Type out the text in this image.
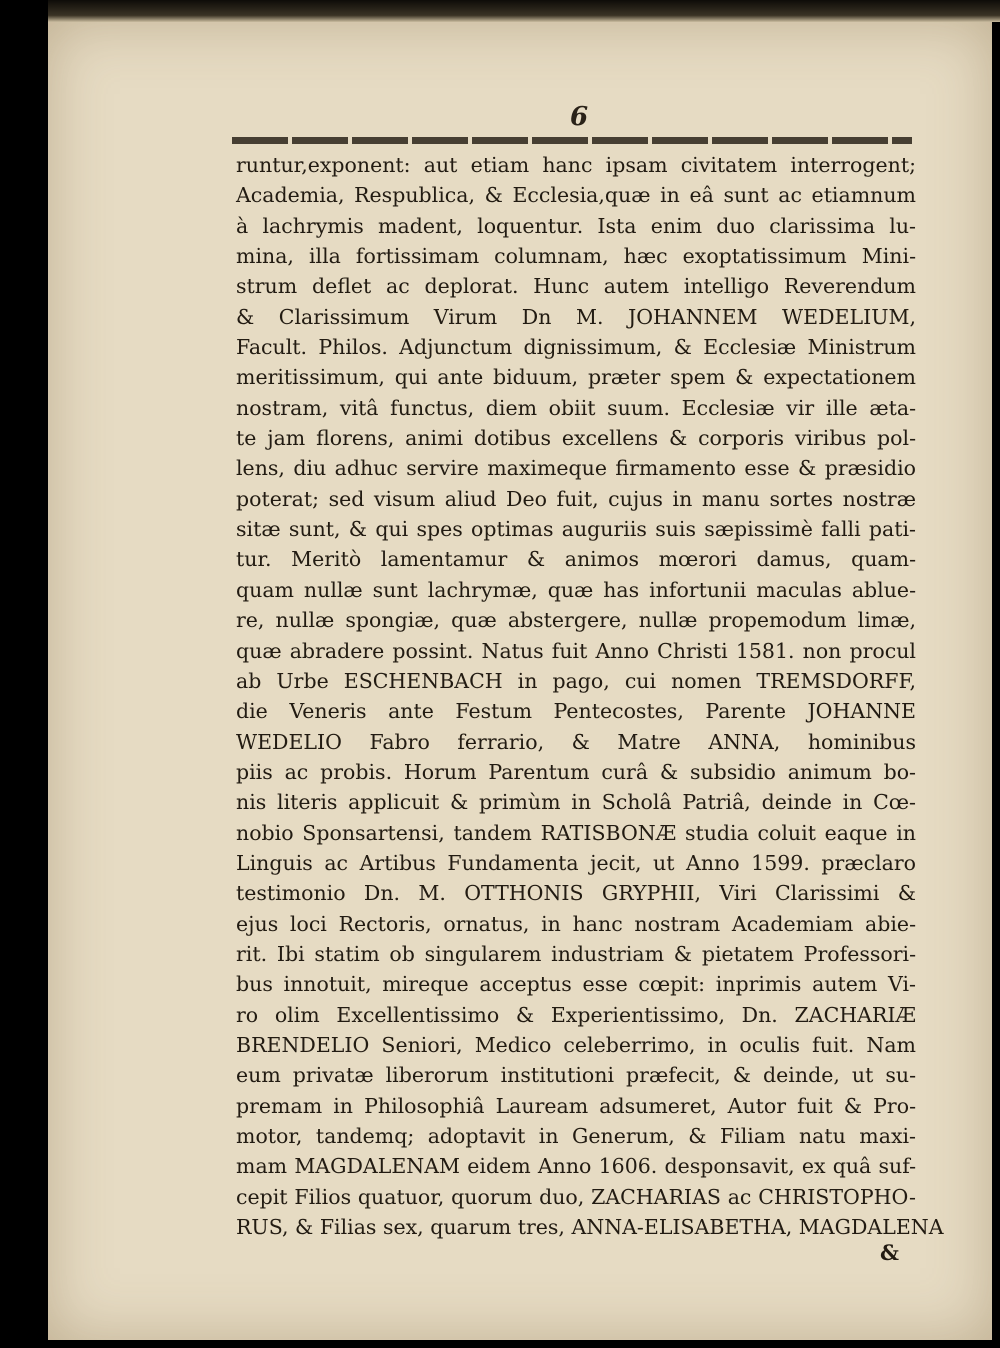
6
runtur,exponent: aut etiam hanc ipsam civitatem interrogent;
Academia, Respublica, & Ecclesia,quæ in eâ sunt ac etiamnum
à lachrymis madent, loquentur. Ista enim duo clarissima lu-
mina, illa fortissimam columnam, hæc exoptatissimum Mini-
strum deflet ac deplorat. Hunc autem intelligo Reverendum
& Clarissimum Virum Dn M. JOHANNEM WEDELIUM,
Facult. Philos. Adjunctum dignissimum, & Ecclesiæ Ministrum
meritissimum, qui ante biduum, præter spem & expectationem
nostram, vitâ functus, diem obiit suum. Ecclesiæ vir ille æta-
te jam florens, animi dotibus excellens & corporis viribus pol-
lens, diu adhuc servire maximeque firmamento esse & præsidio
poterat; sed visum aliud Deo fuit, cujus in manu sortes nostræ
sitæ sunt, & qui spes optimas auguriis suis sæpissimè falli pati-
tur. Meritò lamentamur & animos mœrori damus, quam-
quam nullæ sunt lachrymæ, quæ has infortunii maculas ablue-
re, nullæ spongiæ, quæ abstergere, nullæ propemodum limæ,
quæ abradere possint. Natus fuit Anno Christi 1581. non procul
ab Urbe ESCHENBACH in pago, cui nomen TREMSDORFF,
die Veneris ante Festum Pentecostes, Parente JOHANNE
WEDELIO Fabro ferrario, & Matre ANNA, hominibus
piis ac probis. Horum Parentum curâ & subsidio animum bo-
nis literis applicuit & primùm in Scholâ Patriâ, deinde in Cœ-
nobio Sponsartensi, tandem RATISBONÆ studia coluit eaque in
Linguis ac Artibus Fundamenta jecit, ut Anno 1599. præclaro
testimonio Dn. M. OTTHONIS GRYPHII, Viri Clarissimi &
ejus loci Rectoris, ornatus, in hanc nostram Academiam abie-
rit. Ibi statim ob singularem industriam & pietatem Professori-
bus innotuit, mireque acceptus esse cœpit: inprimis autem Vi-
ro olim Excellentissimo & Experientissimo, Dn. ZACHARIÆ
BRENDELIO Seniori, Medico celeberrimo, in oculis fuit. Nam
eum privatæ liberorum institutioni præfecit, & deinde, ut su-
premam in Philosophiâ Lauream adsumeret, Autor fuit & Pro-
motor, tandemq; adoptavit in Generum, & Filiam natu maxi-
mam MAGDALENAM eidem Anno 1606. desponsavit, ex quâ suf-
cepit Filios quatuor, quorum duo, ZACHARIAS ac CHRISTOPHO-
RUS, & Filias sex, quarum tres, ANNA-ELISABETHA, MAGDALENA
&
